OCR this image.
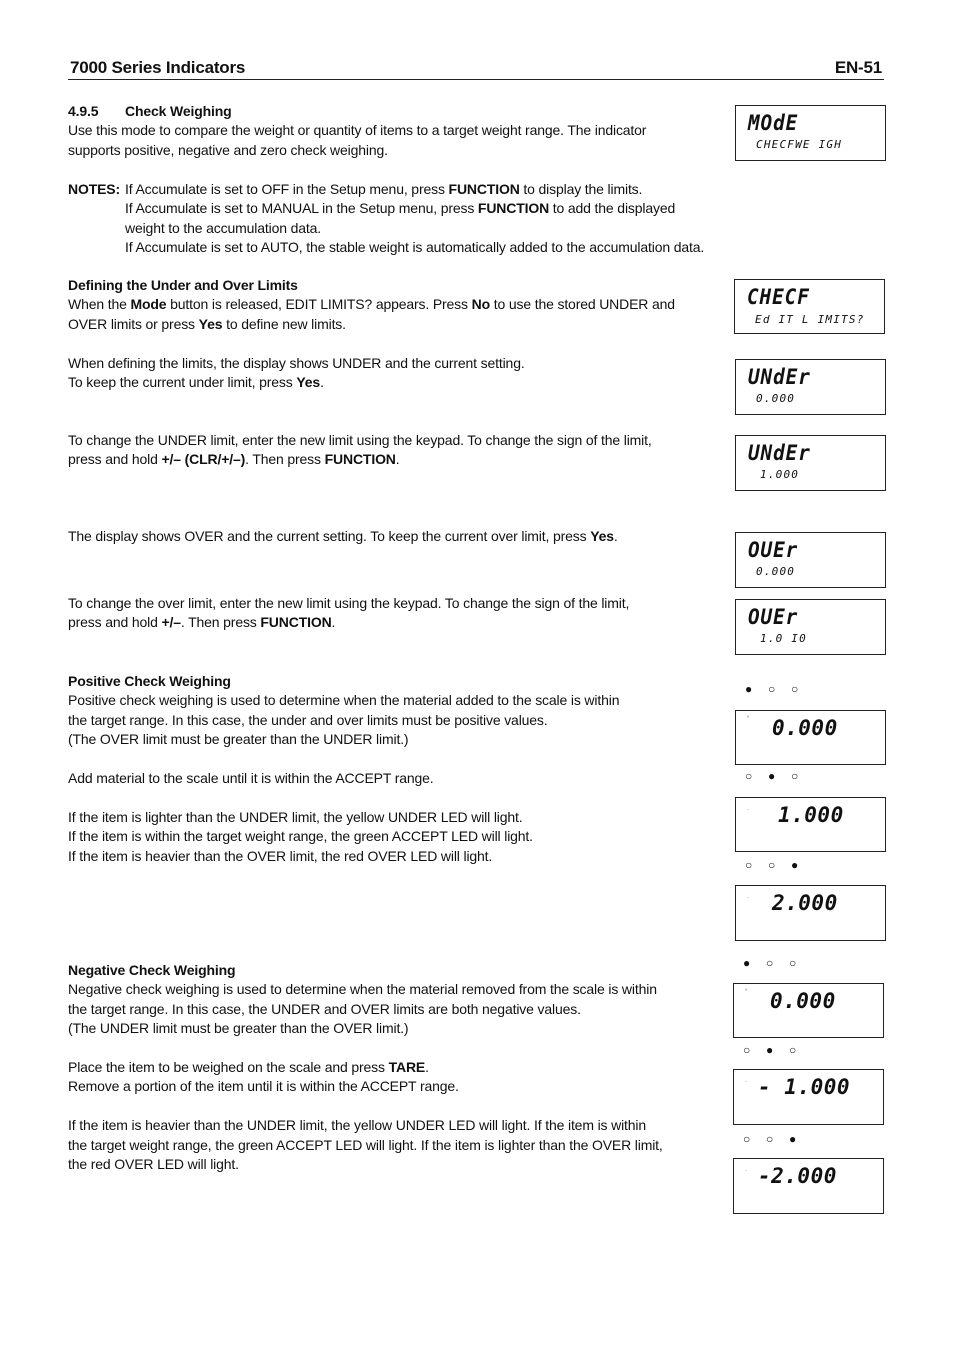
7000 Series Indicators	EN-51

4.9.5 Check Weighing

Use this mode to compare the weight or quantity of items to a target weight range. The indicator

supports positive, negative and zero check weighing.

NOTES: If Accumulate is set to OFF in the Setup menu, press FUNCTION to display the limits.

If Accumulate is set to MANUAL in the Setup menu, press FUNCTION to add the displayed

weight to the accumulation data.

If Accumulate is set to AUTO, the stable weight is automatically added to the accumulation data.

Defining the Under and Over Limits

When the Mode button is released, EDIT LIMITS? appears. Press No to use the stored UNDER and

OVER limits or press Yes to define new limits.

When defining the limits, the display shows UNDER and the current setting.

To keep the current under limit, press Yes.

To change the UNDER limit, enter the new limit using the keypad. To change the sign of the limit,

press and hold +/– (CLR/+/–). Then press FUNCTION.

The display shows OVER and the current setting. To keep the current over limit, press Yes.

To change the over limit, enter the new limit using the keypad. To change the sign of the limit,

press and hold +/–. Then press FUNCTION.

Positive Check Weighing

Positive check weighing is used to determine when the material added to the scale is within

the target range. In this case, the under and over limits must be positive values.

(The OVER limit must be greater than the UNDER limit.)

Add material to the scale until it is within the ACCEPT range.

If the item is lighter than the UNDER limit, the yellow UNDER LED will light.

If the item is within the target weight range, the green ACCEPT LED will light.

If the item is heavier than the OVER limit, the red OVER LED will light.

Negative Check Weighing

Negative check weighing is used to determine when the material removed from the scale is within

the target range. In this case, the UNDER and OVER limits are both negative values.

(The UNDER limit must be greater than the OVER limit.)

Place the item to be weighed on the scale and press TARE.

Remove a portion of the item until it is within the ACCEPT range.

If the item is heavier than the UNDER limit, the yellow UNDER LED will light. If the item is within

the target weight range, the green ACCEPT LED will light. If the item is lighter than the OVER limit,

the red OVER LED will light.

MOdE
CHECFWE IGH
CHECF
Ed IT L IMITS?
UNdEr
0.000
UNdEr
1.000
OUEr
0.000
OUEr
1.0 I0
● ○ ○
° 0.000
○ ● ○
· 1.000
○ ○ ●
· 2.000
● ○ ○
° 0.000
○ ● ○
· - 1.000
○ ○ ●
· -2.000
